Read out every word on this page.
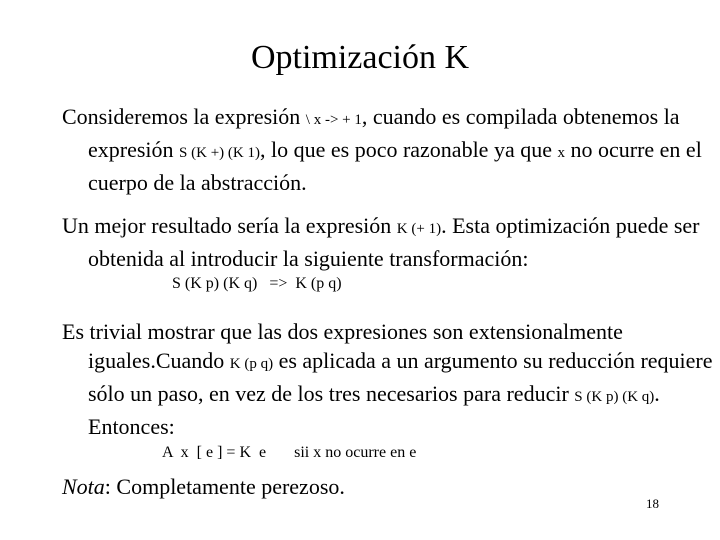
Optimización K
Consideremos la expresión \ x -> + 1, cuando es compilada obtenemos la expresión S (K +) (K 1), lo que es poco razonable ya que x no ocurre en el cuerpo de la abstracción.
Un mejor resultado sería la expresión K (+ 1). Esta optimización puede ser obtenida al introducir la siguiente transformación:
S (K p) (K q)   =>  K (p q)
Es trivial mostrar que las dos expresiones son extensionalmente iguales.Cuando K (p q) es aplicada a un argumento su reducción requiere sólo un paso, en vez de los tres necesarios para reducir S (K p) (K q). Entonces:
A  x  [ e ] = K  e       sii x no ocurre en e
Nota: Completamente perezoso.
18
